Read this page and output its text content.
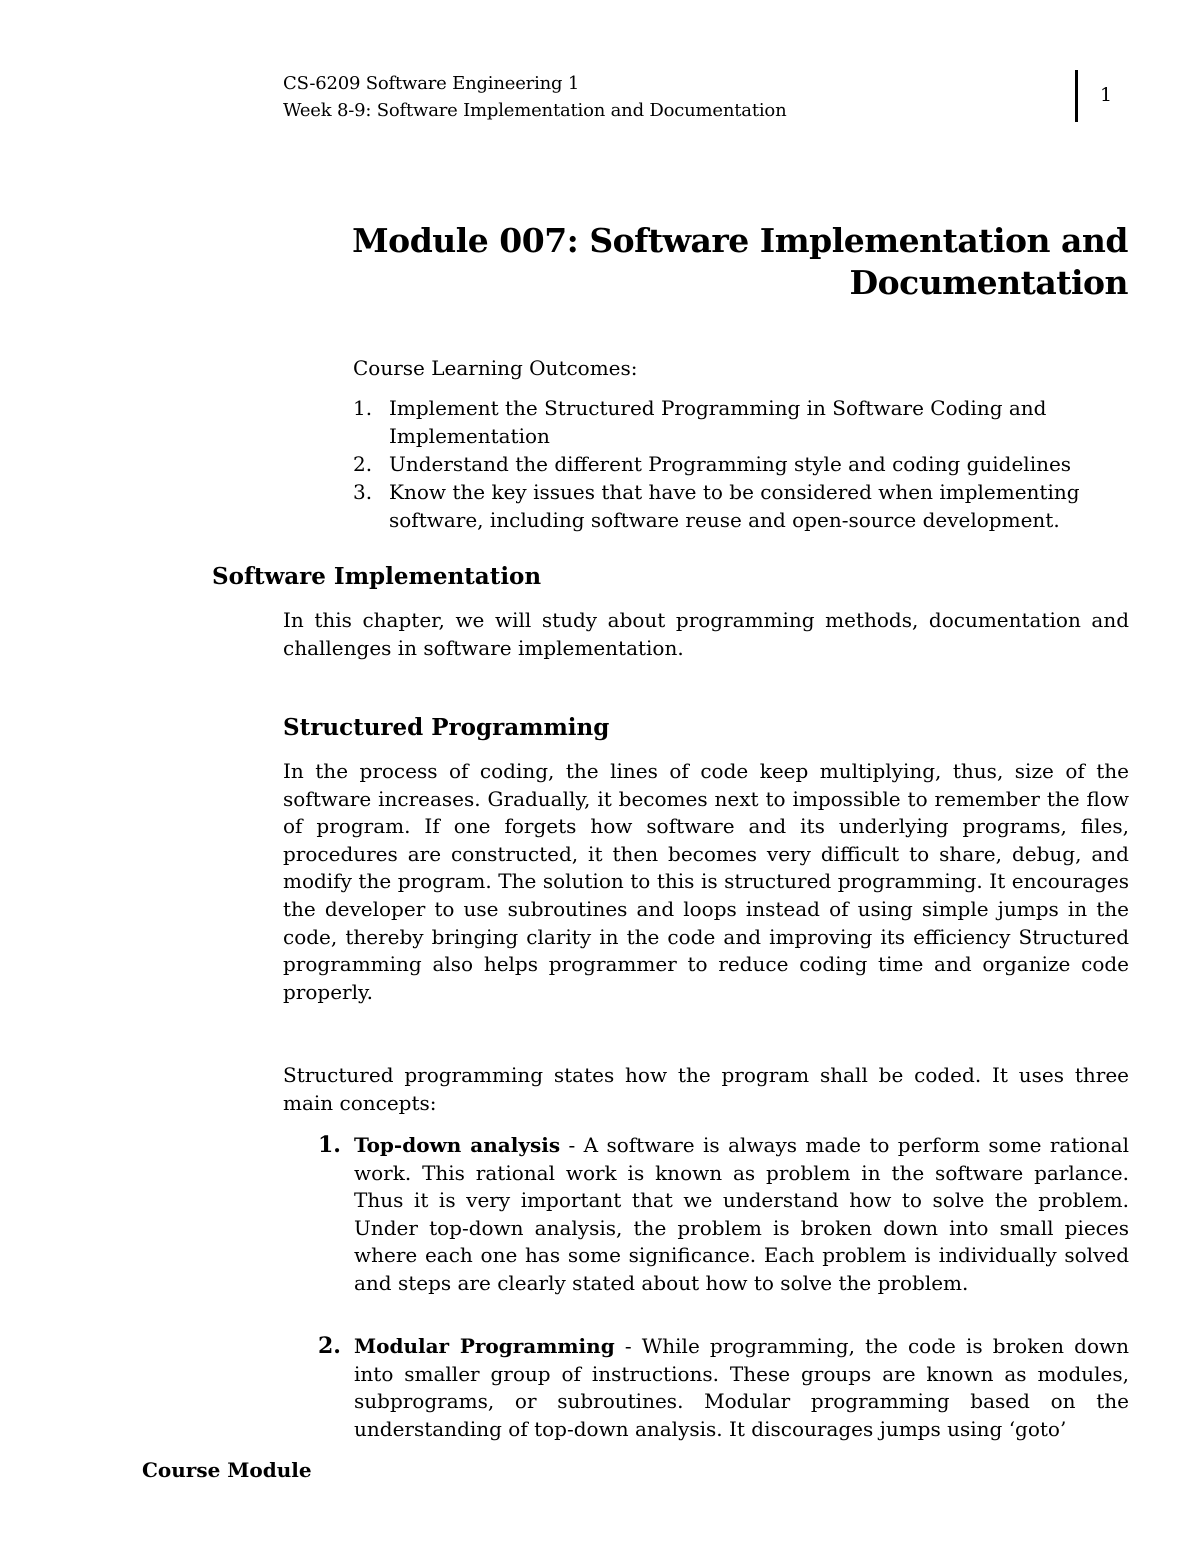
CS-6209 Software Engineering 1
Week 8-9: Software Implementation and Documentation
1
Module 007: Software Implementation and
Documentation
Course Learning Outcomes:
1. Implement the Structured Programming in Software Coding and Implementation
2. Understand the different Programming style and coding guidelines
3. Know the key issues that have to be considered when implementing software, including software reuse and open-source development.
Software Implementation
In this chapter, we will study about programming methods, documentation and challenges in software implementation.
Structured Programming
In the process of coding, the lines of code keep multiplying, thus, size of the software increases. Gradually, it becomes next to impossible to remember the flow of program. If one forgets how software and its underlying programs, files, procedures are constructed, it then becomes very difficult to share, debug, and modify the program. The solution to this is structured programming. It encourages the developer to use subroutines and loops instead of using simple jumps in the code, thereby bringing clarity in the code and improving its efficiency Structured programming also helps programmer to reduce coding time and organize code properly.
Structured programming states how the program shall be coded. It uses three main concepts:
1. Top-down analysis - A software is always made to perform some rational work. This rational work is known as problem in the software parlance. Thus it is very important that we understand how to solve the problem. Under top-down analysis, the problem is broken down into small pieces where each one has some significance. Each problem is individually solved and steps are clearly stated about how to solve the problem.
2. Modular Programming - While programming, the code is broken down into smaller group of instructions. These groups are known as modules, subprograms, or subroutines. Modular programming based on the understanding of top-down analysis. It discourages jumps using ‘goto’
Course Module
